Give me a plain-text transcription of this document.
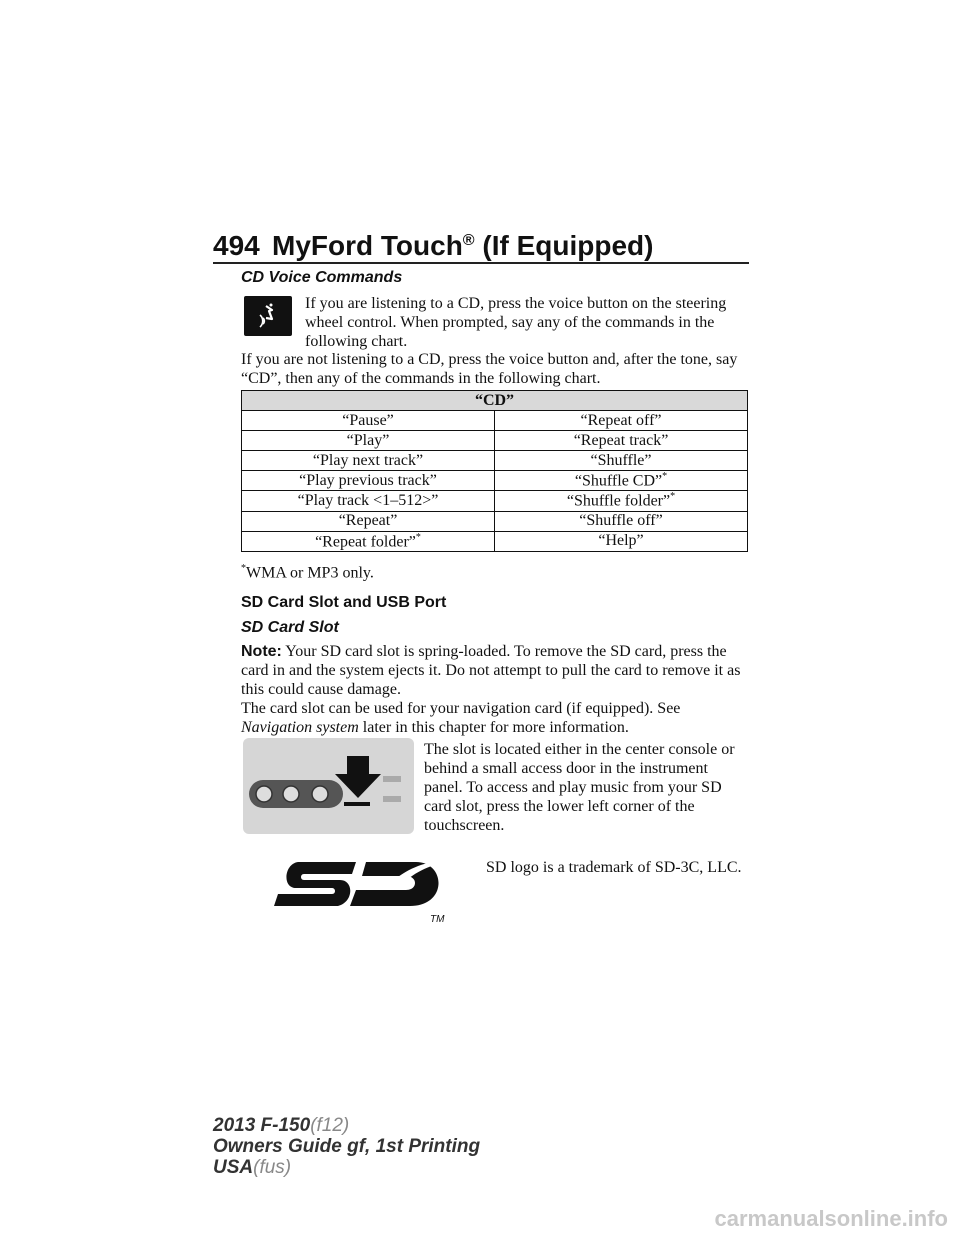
494 MyFord Touch® (If Equipped)
CD Voice Commands
If you are listening to a CD, press the voice button on the steering wheel control. When prompted, say any of the commands in the following chart.
If you are not listening to a CD, press the voice button and, after the tone, say “CD”, then any of the commands in the following chart.
“CD”	
“Pause”	“Repeat off”
“Play”	“Repeat track”
“Play next track”	“Shuffle”
“Play previous track”	“Shuffle CD”*
“Play track <1–512>”	“Shuffle folder”*
“Repeat”	“Shuffle off”
“Repeat folder”*	“Help”
*WMA or MP3 only.
SD Card Slot and USB Port
SD Card Slot
Note: Your SD card slot is spring-loaded. To remove the SD card, press the card in and the system ejects it. Do not attempt to pull the card to remove it as this could cause damage.
The card slot can be used for your navigation card (if equipped). See Navigation system later in this chapter for more information.
The slot is located either in the center console or behind a small access door in the instrument panel. To access and play music from your SD card slot, press the lower left corner of the touchscreen.
TM
SD logo is a trademark of SD-3C, LLC.
2013 F-150(f12)
Owners Guide gf, 1st Printing
USA(fus)
carmanualsonline.info
